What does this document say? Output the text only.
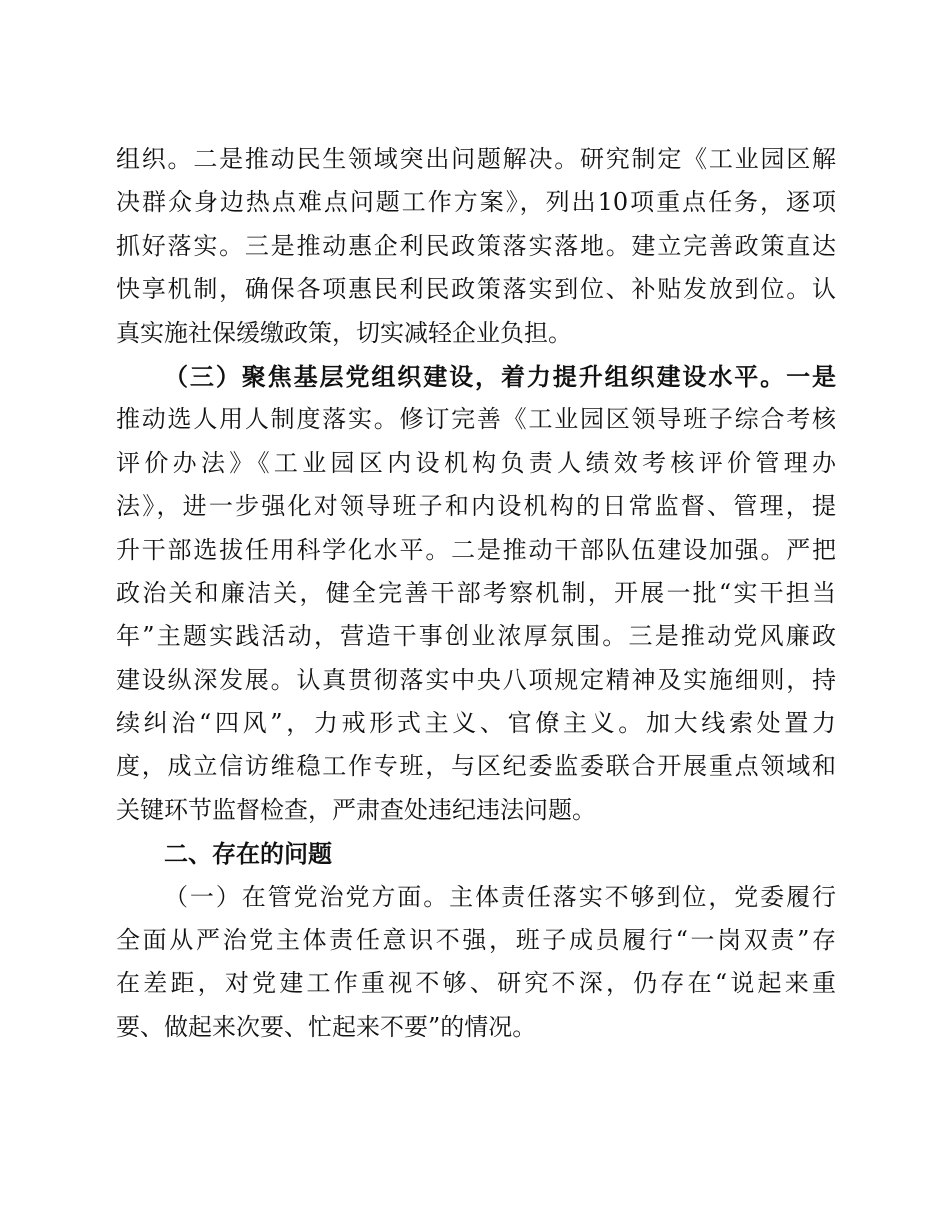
组织。二是推动民生领域突出问题解决。研究制定《工业园区解
决群众身边热点难点问题工作方案》，列出10项重点任务，逐项
抓好落实。三是推动惠企利民政策落实落地。建立完善政策直达
快享机制，确保各项惠民利民政策落实到位、补贴发放到位。认
真实施社保缓缴政策，切实减轻企业负担。
（三）聚焦基层党组织建设，着力提升组织建设水平。一是
推动选人用人制度落实。修订完善《工业园区领导班子综合考核
评价办法》《工业园区内设机构负责人绩效考核评价管理办
法》，进一步强化对领导班子和内设机构的日常监督、管理，提
升干部选拔任用科学化水平。二是推动干部队伍建设加强。严把
政治关和廉洁关，健全完善干部考察机制，开展一批“实干担当
年”主题实践活动，营造干事创业浓厚氛围。三是推动党风廉政
建设纵深发展。认真贯彻落实中央八项规定精神及实施细则，持
续纠治“四风”，力戒形式主义、官僚主义。加大线索处置力
度，成立信访维稳工作专班，与区纪委监委联合开展重点领域和
关键环节监督检查，严肃查处违纪违法问题。
二、存在的问题
（一）在管党治党方面。主体责任落实不够到位，党委履行
全面从严治党主体责任意识不强，班子成员履行“一岗双责”存
在差距，对党建工作重视不够、研究不深，仍存在“说起来重
要、做起来次要、忙起来不要”的情况。
